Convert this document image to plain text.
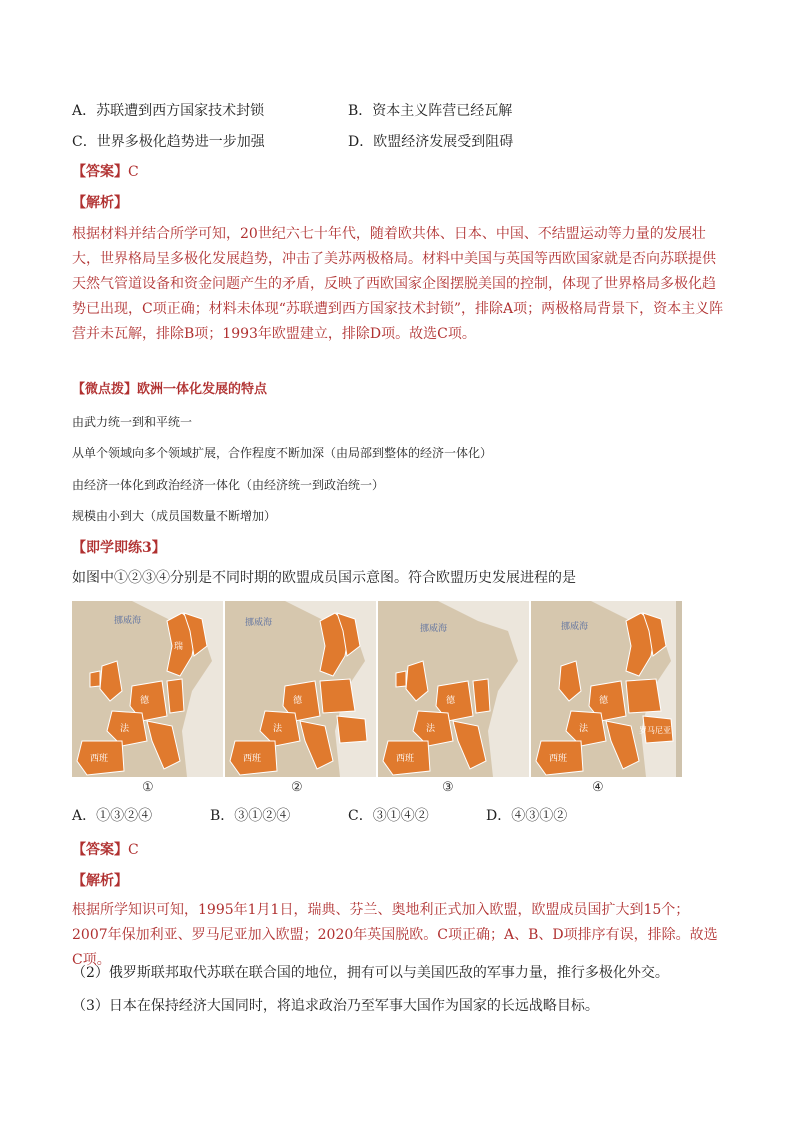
A．苏联遭到西方国家技术封锁	B．资本主义阵营已经瓦解
C．世界多极化趋势进一步加强	D．欧盟经济发展受到阻碍
【答案】C
【解析】
根据材料并结合所学可知，20世纪六七十年代，随着欧共体、日本、中国、不结盟运动等力量的发展壮大，世界格局呈多极化发展趋势，冲击了美苏两极格局。材料中美国与英国等西欧国家就是否向苏联提供天然气管道设备和资金问题产生的矛盾，反映了西欧国家企图摆脱美国的控制，体现了世界格局多极化趋势已出现，C项正确；材料未体现“苏联遭到西方国家技术封锁”，排除A项；两极格局背景下，资本主义阵营并未瓦解，排除B项；1993年欧盟建立，排除D项。故选C项。
【微点拨】欧洲一体化发展的特点
由武力统一到和平统一
从单个领域向多个领域扩展，合作程度不断加深（由局部到整体的经济一体化）
由经济一体化到政治经济一体化（由经济统一到政治统一）
规模由小到大（成员国数量不断增加）
【即学即练3】
如图中①②③④分别是不同时期的欧盟成员国示意图。符合欧盟历史发展进程的是
挪威海
瑞
德
法
西班
挪威海
德
法
西班
挪威海
德
法
西班
挪威海
德
法
西班
罗马尼亚
①	②	③	④
A．①③②④	B．③①②④	C．③①④②	D．④③①②
【答案】C
【解析】
根据所学知识可知，1995年1月1日，瑞典、芬兰、奥地利正式加入欧盟，欧盟成员国扩大到15个；2007年保加利亚、罗马尼亚加入欧盟；2020年英国脱欧。C项正确；A、B、D项排序有误，排除。故选C项。
（2）俄罗斯联邦取代苏联在联合国的地位，拥有可以与美国匹敌的军事力量，推行多极化外交。
（3）日本在保持经济大国同时，将追求政治乃至军事大国作为国家的长远战略目标。
